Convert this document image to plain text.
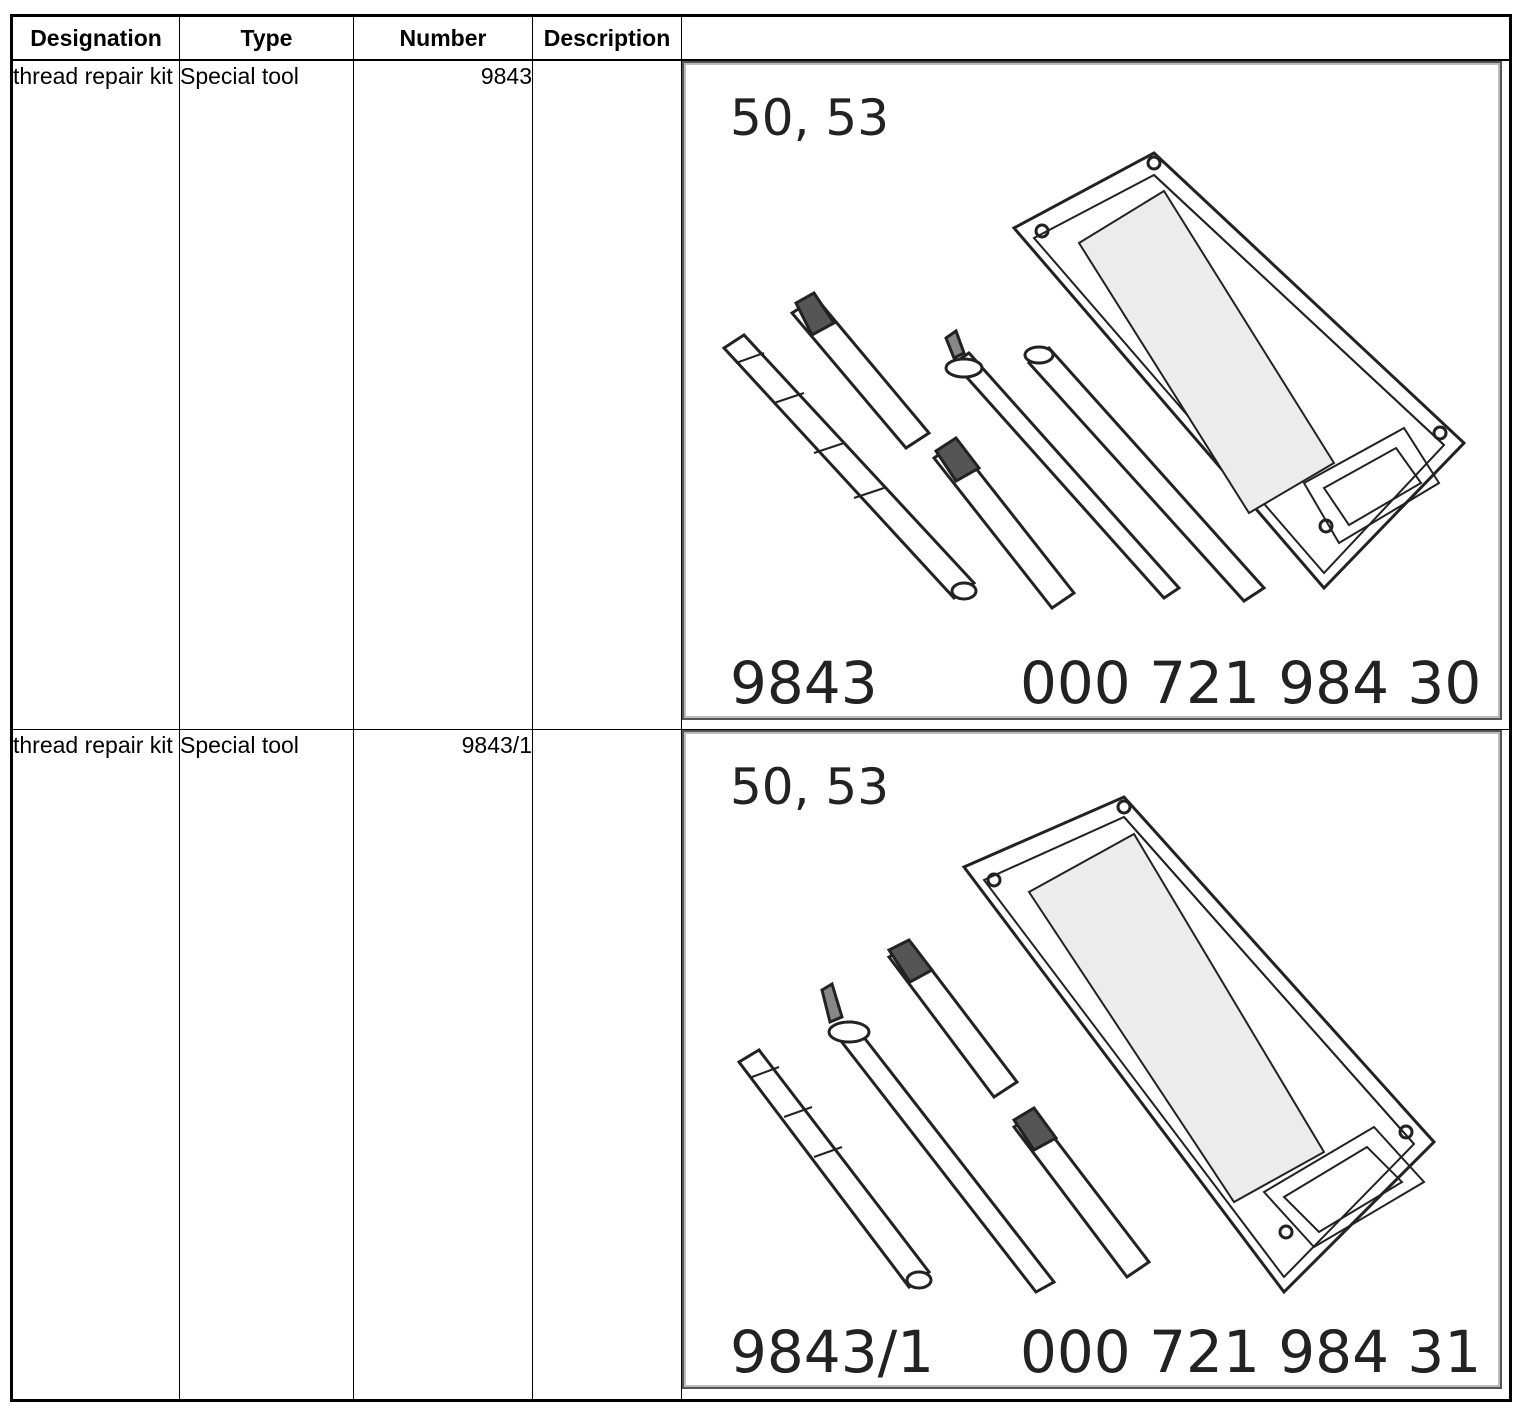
Designation	Type	Number	Description	
thread repair kit	Special tool	9843		50, 53
9843 000 721 984 30

thread repair kit	Special tool	9843/1		50, 53
9843/1 000 721 984 31
